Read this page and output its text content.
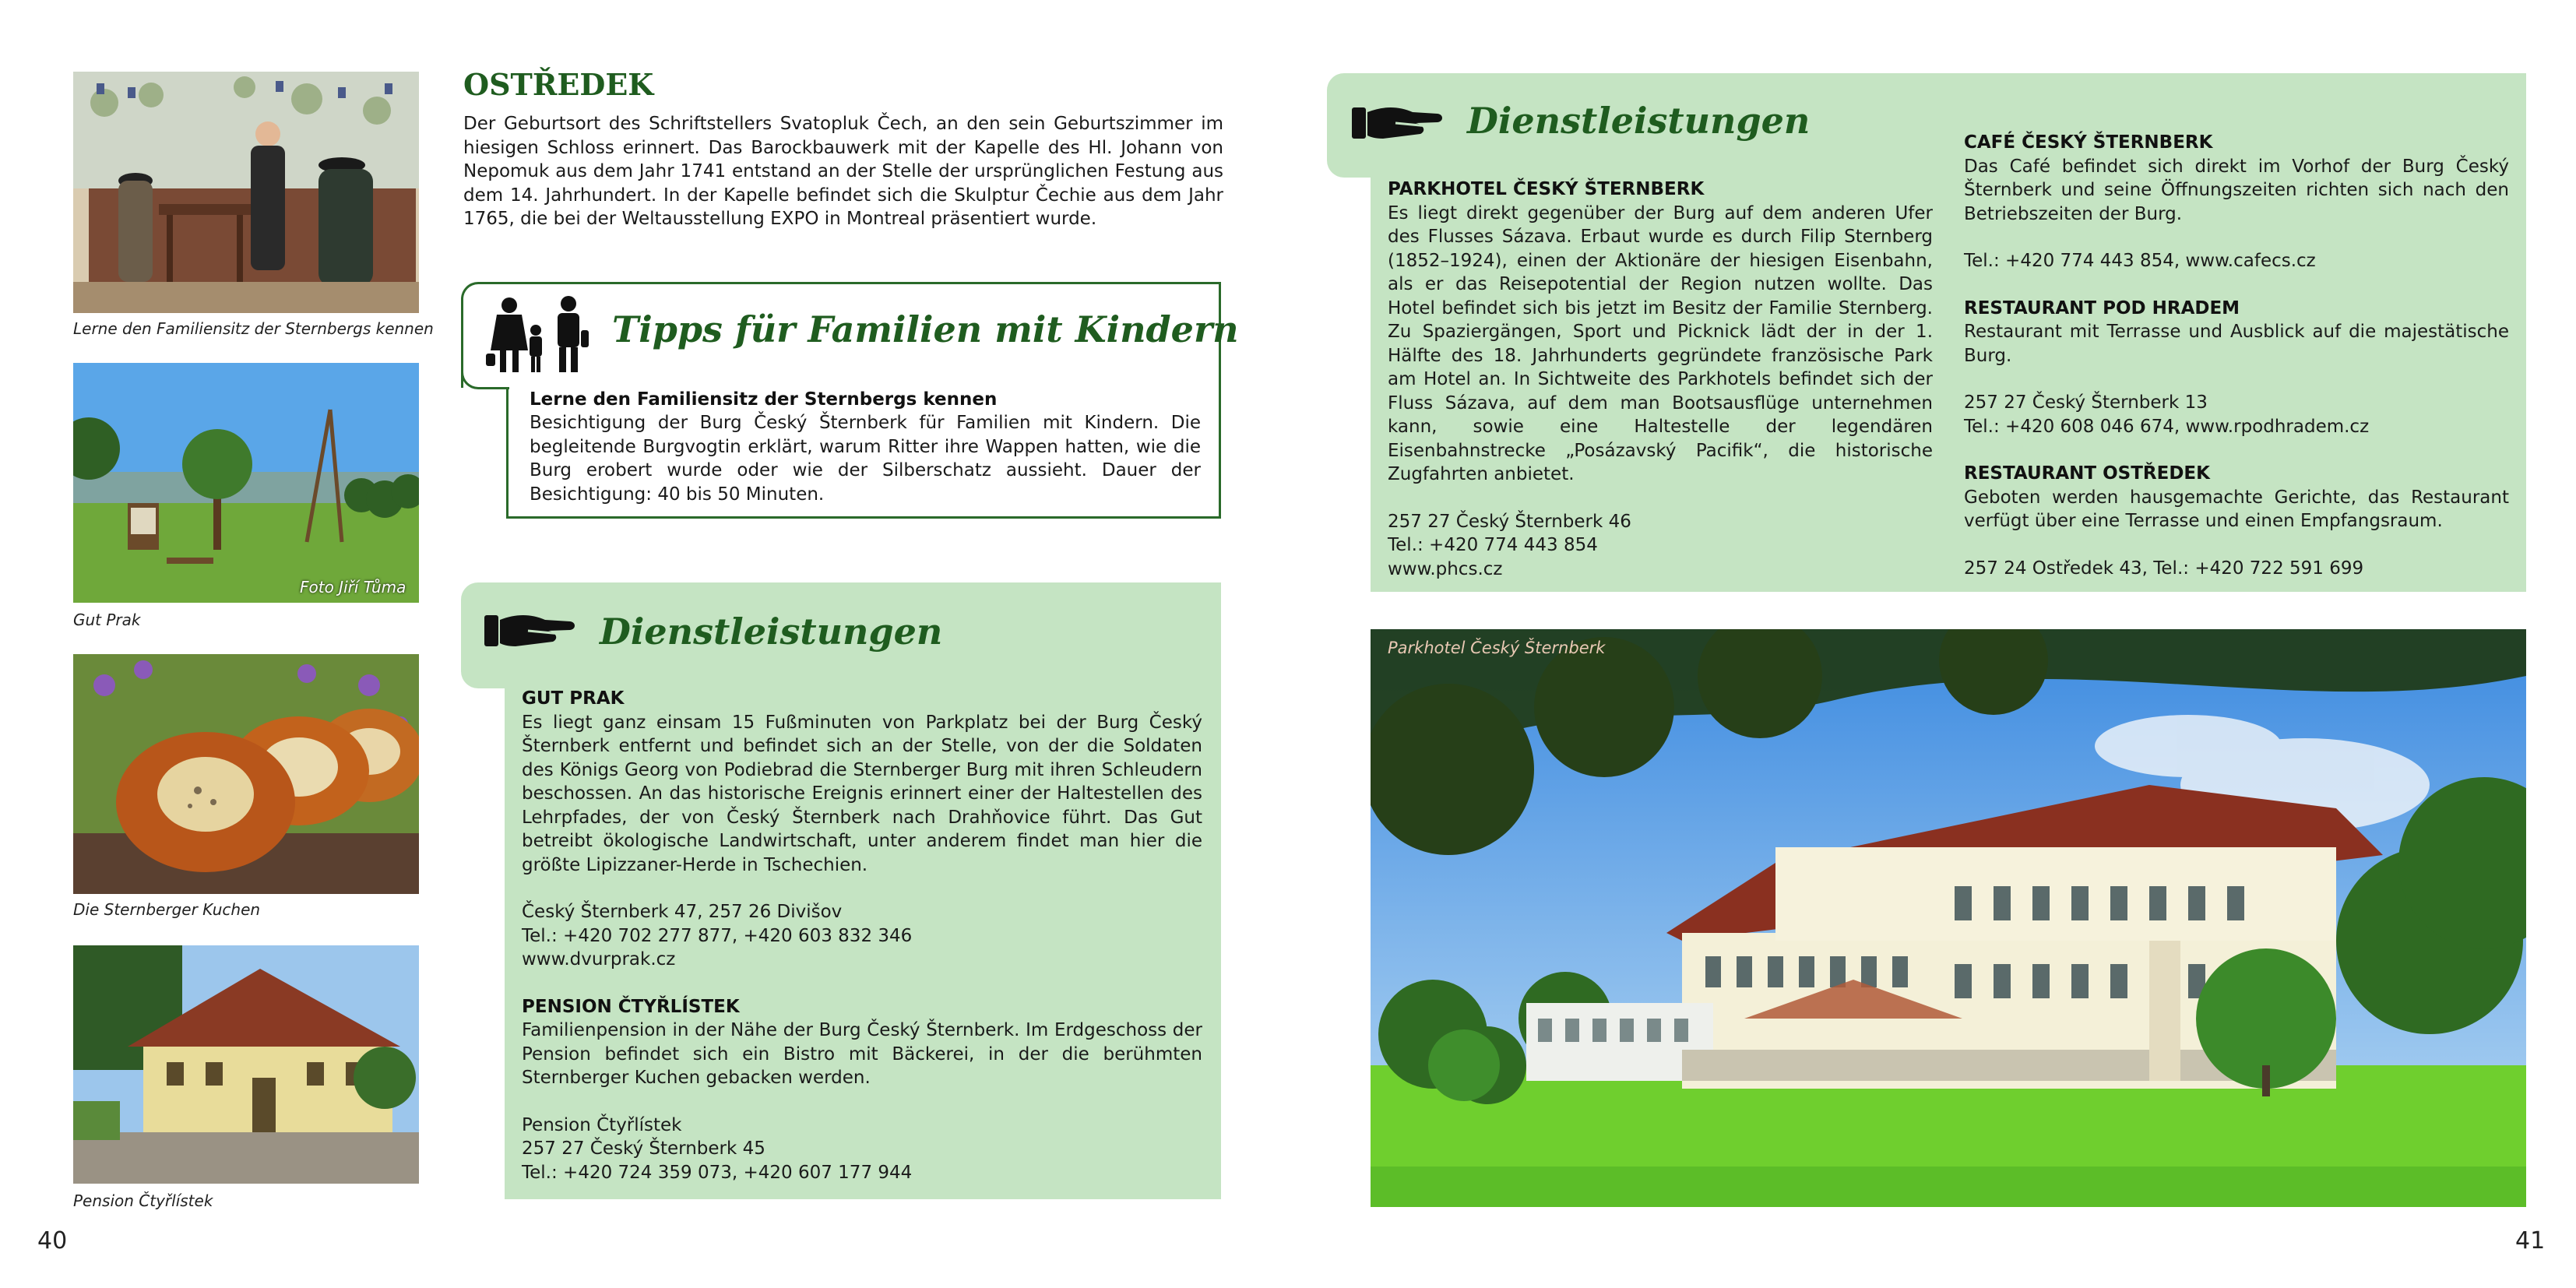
Lerne den Familiensitz der Sternbergs kennen
Foto Jiří Tůma
Gut Prak
Die Sternberger Kuchen
Pension Čtyřlístek
OSTŘEDEK
Der Geburtsort des Schriftstellers Svatopluk Čech, an den sein Geburtszimmer im hiesigen Schloss erinnert. Das Barockbauwerk mit der Kapelle des Hl. Johann von Nepomuk aus dem Jahr 1741 entstand an der Stelle der ursprünglichen Festung aus dem 14. Jahrhundert. In der Kapelle befindet sich die Skulptur Čechie aus dem Jahr 1765, die bei der Weltausstellung EXPO in Montreal präsentiert wurde.
Tipps für Familien mit Kindern
Lerne den Familiensitz der Sternbergs kennen
Besichtigung der Burg Český Šternberk für Familien mit Kindern. Die begleitende Burgvogtin erklärt, warum Ritter ihre Wappen hatten, wie die Burg erobert wurde oder wie der Silberschatz aussieht. Dauer der Besichtigung: 40 bis 50 Minuten.
Dienstleistungen
GUT PRAK
Es liegt ganz einsam 15 Fußminuten von Parkplatz bei der Burg Český Šternberk entfernt und befindet sich an der Stelle, von der die Soldaten des Königs Georg von Podiebrad die Sternberger Burg mit ihren Schleudern beschossen. An das historische Ereignis erinnert einer der Haltestellen des Lehrpfades, der von Český Šternberk nach Drahňovice führt. Das Gut betreibt ökologische Landwirtschaft, unter anderem findet man hier die größte Lipizzaner-Herde in Tschechien.
Český Šternberk 47, 257 26 Divišov
Tel.: +420 702 277 877, +420 603 832 346
www.dvurprak.cz
PENSION ČTYŘLÍSTEK
Familienpension in der Nähe der Burg Český Šternberk. Im Erdgeschoss der Pension befindet sich ein Bistro mit Bäckerei, in der die berühmten Sternberger Kuchen gebacken werden.
Pension Čtyřlístek
257 27 Český Šternberk 45
Tel.: +420 724 359 073, +420 607 177 944
40
Dienstleistungen
PARKHOTEL ČESKÝ ŠTERNBERK
Es liegt direkt gegenüber der Burg auf dem anderen Ufer des Flusses Sázava. Erbaut wurde es durch Filip Sternberg (1852–1924), einen der Aktionäre der hiesigen Eisenbahn, als er das Reisepotential der Region nutzen wollte. Das Hotel befindet sich bis jetzt im Besitz der Familie Sternberg. Zu Spaziergängen, Sport und Picknick lädt der in der 1. Hälfte des 18. Jahrhunderts gegründete französische Park am Hotel an. In Sichtweite des Parkhotels befindet sich der Fluss Sázava, auf dem man Bootsausflüge unternehmen kann, sowie eine Haltestelle der legendären Eisenbahnstrecke „Posázavský Pacifik“, die historische Zugfahrten anbietet.
257 27 Český Šternberk 46
Tel.: +420 774 443 854
www.phcs.cz
CAFÉ ČESKÝ ŠTERNBERK
Das Café befindet sich direkt im Vorhof der Burg Český Šternberk und seine Öffnungszeiten richten sich nach den Betriebszeiten der Burg.
Tel.: +420 774 443 854, www.cafecs.cz
RESTAURANT POD HRADEM
Restaurant mit Terrasse und Ausblick auf die majestätische Burg.
257 27 Český Šternberk 13
Tel.: +420 608 046 674, www.rpodhradem.cz
RESTAURANT OSTŘEDEK
Geboten werden hausgemachte Gerichte, das Restaurant verfügt über eine Terrasse und einen Empfangsraum.
257 24 Ostředek 43, Tel.: +420 722 591 699
Parkhotel Český Šternberk
41
